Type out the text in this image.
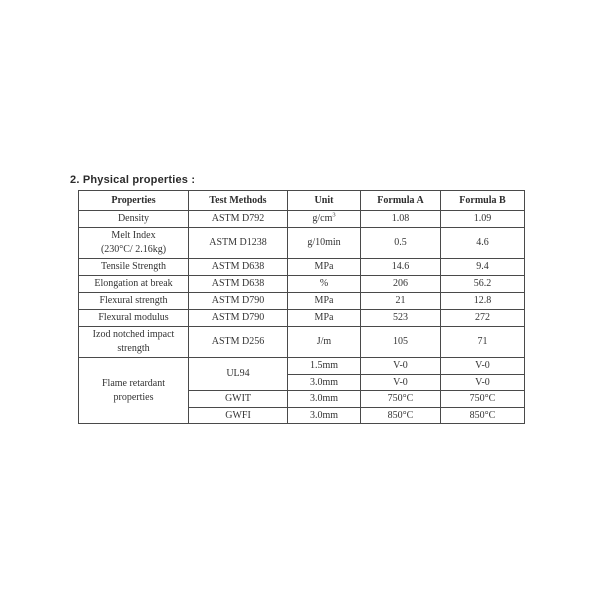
2. Physical properties :

Properties	Test Methods	Unit	Formula A	Formula B
Density	ASTM D792	$g/cm^3$	1.08	1.09

Melt Index
(230°C/ 2.16kg)	ASTM D1238	g/10min	0.5	4.6
Tensile Strength	ASTM D638	MPa	14.6	9.4
Elongation at break	ASTM D638	%	206	56.2
Flexural strength	ASTM D790	MPa	21	12.8
Flexural modulus	ASTM D790	MPa	523	272

Izod notched impact
strength	ASTM D256	J/m	105	71

Flame retardant
properties	UL94	1.5mm	V-0	V-0
		3.0mm	V-0	V-0
	GWIT	3.0mm	750°C	750°C
	GWFI	3.0mm	850°C	850°C
